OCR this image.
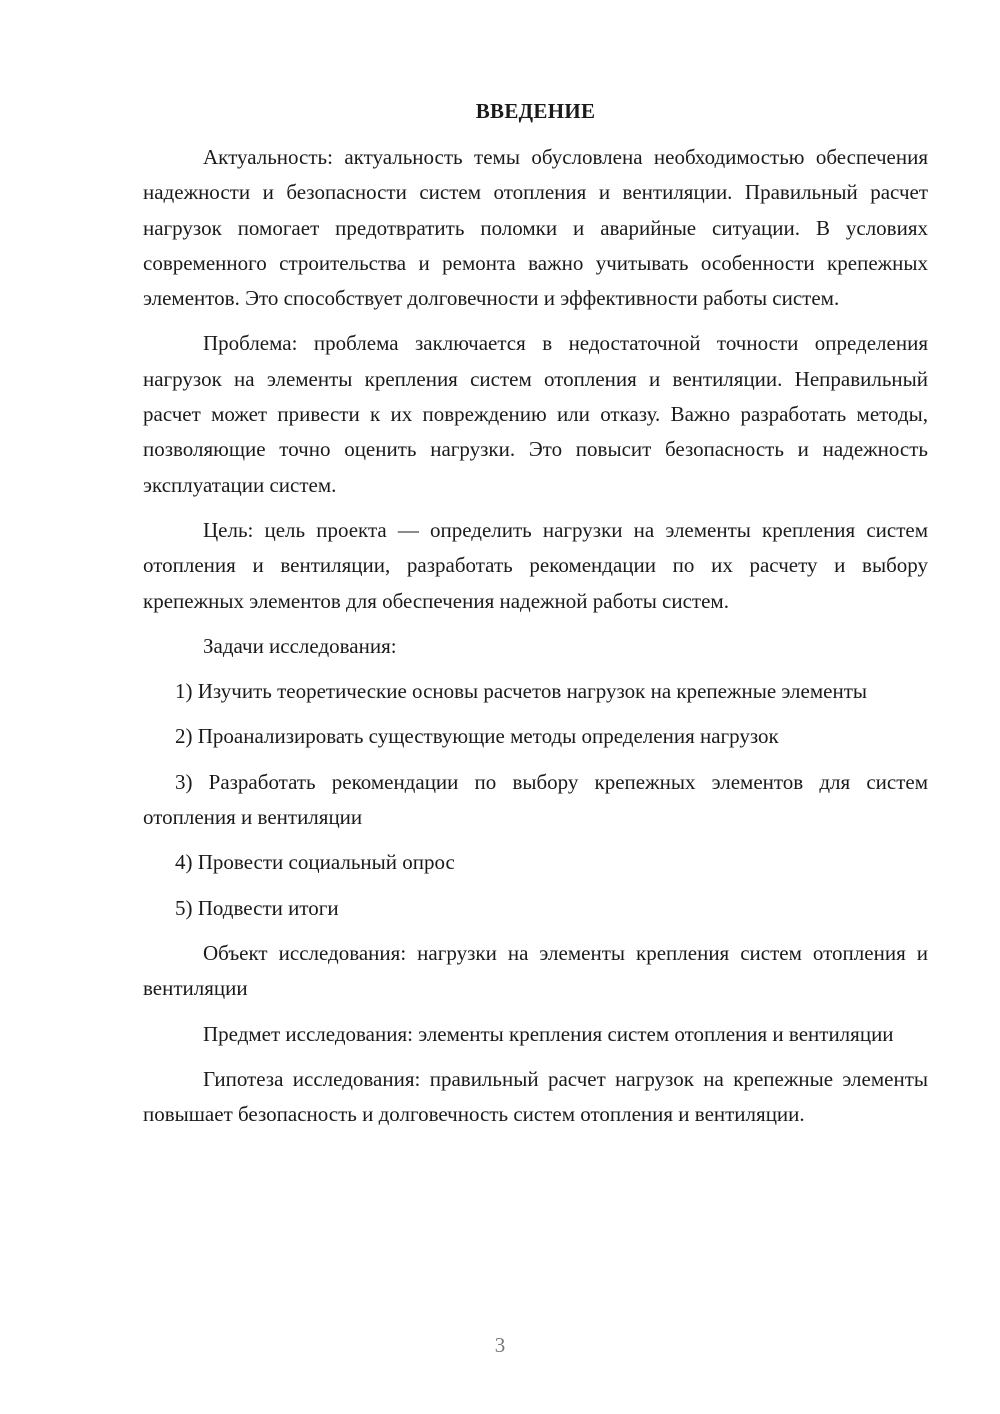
ВВЕДЕНИЕ

Актуальность: актуальность темы обусловлена необходимостью обеспечения надежности и безопасности систем отопления и вентиляции. Правильный расчет нагрузок помогает предотвратить поломки и аварийные ситуации. В условиях современного строительства и ремонта важно учитывать особенности крепежных элементов. Это способствует долговечности и эффективности работы систем.

Проблема: проблема заключается в недостаточной точности определения нагрузок на элементы крепления систем отопления и вентиляции. Неправильный расчет может привести к их повреждению или отказу. Важно разработать методы, позволяющие точно оценить нагрузки. Это повысит безопасность и надежность эксплуатации систем.

Цель: цель проекта — определить нагрузки на элементы крепления систем отопления и вентиляции, разработать рекомендации по их расчету и выбору крепежных элементов для обеспечения надежной работы систем.

Задачи исследования:

1) Изучить теоретические основы расчетов нагрузок на крепежные элементы

2) Проанализировать существующие методы определения нагрузок

3) Разработать рекомендации по выбору крепежных элементов для систем отопления и вентиляции

4) Провести социальный опрос

5) Подвести итоги

Объект исследования: нагрузки на элементы крепления систем отопления и вентиляции

Предмет исследования: элементы крепления систем отопления и вентиляции

Гипотеза исследования: правильный расчет нагрузок на крепежные элементы повышает безопасность и долговечность систем отопления и вентиляции.

3
